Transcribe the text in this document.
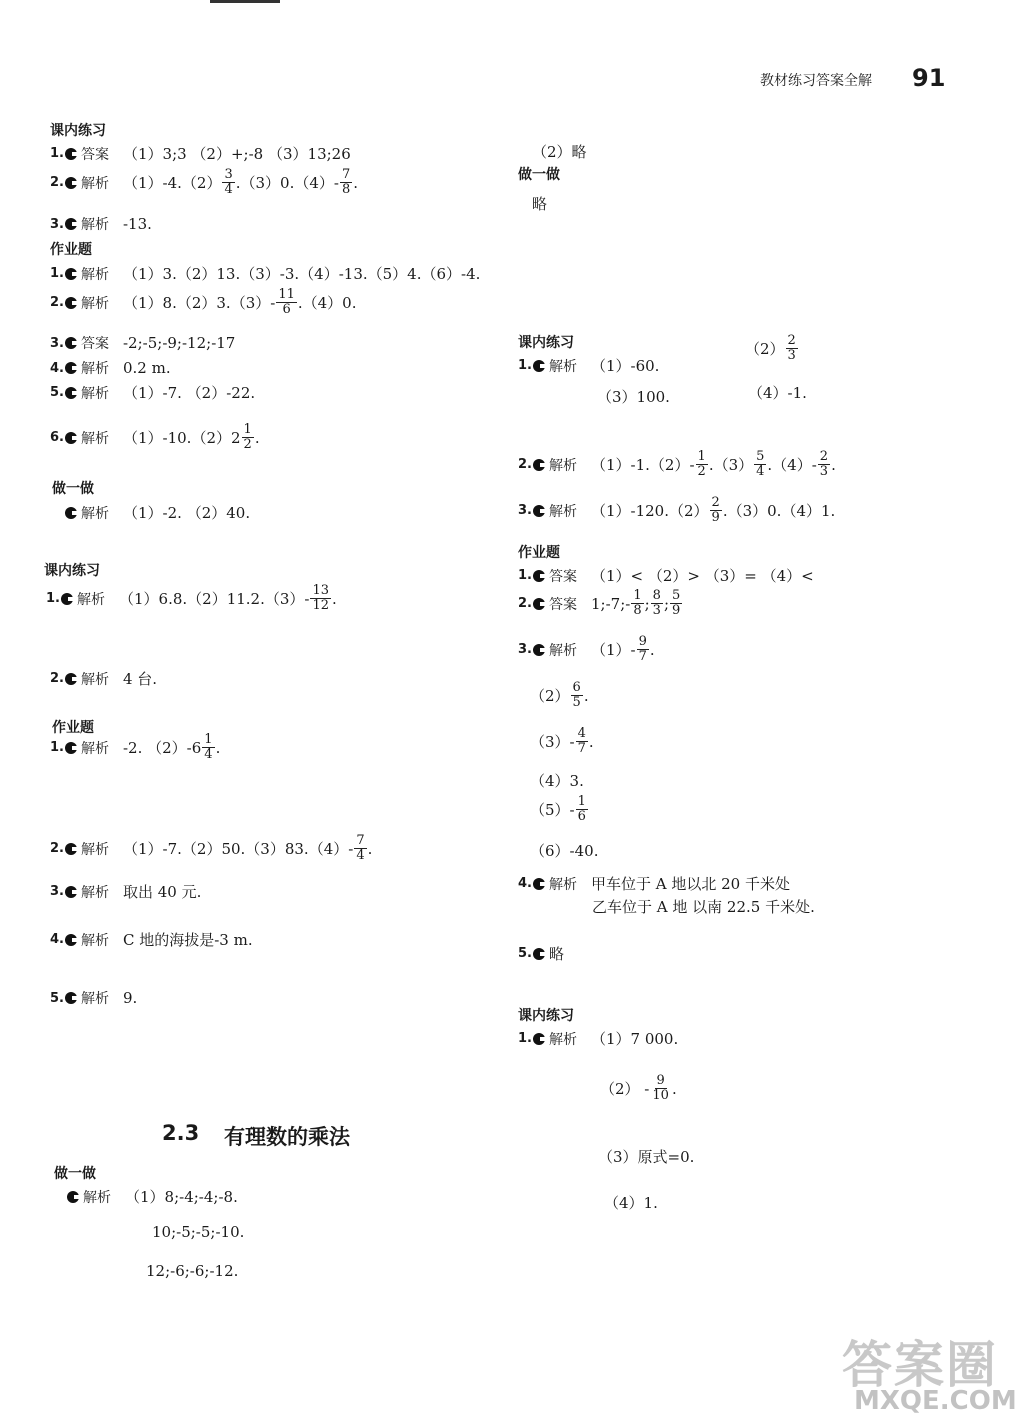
教材练习答案全解 91
课内练习
1. 答案 （1）3;3 （2）+;-8 （3）13;26
2. 解析 $(1)-4.(2) \frac{3}{4} .(3)0.(4)- \frac{7}{8}$ .
3. 解析 -13.
作业题
1. 解析 （1）3.（2）13.（3）-3.（4）-13.（5）4.（6）-4.
2. 解析 $(1)8.(2)3.(3)- \frac{11}{6} .(4)0$.
3. 答案 -2;-5;-9;-12;-17
4. 解析 0.2 m.
5. 解析 （1）-7. （2）-22.
6. 解析 $(1)-10.(2)2 \frac{1}{2}$ .
做一做
解析 （1）-2. （2）40.
课内练习
1. 解析 $(1)6.8.(2)11.2.(3)- \frac{13}{12}$ .
2. 解析 4 台.
作业题
1. 解析 -2. $(2)-6 \frac{1}{4}$ .
2. 解析 $(1)-7.(2)50.(3)83.(4)- \frac{7}{4}$ .
3. 解析 取出 40 元.
4. 解析 C 地的海拔是-3 m.
5. 解析 9.
2.3 有理数的乘法
做一做
解析 （1）8;-4;-4;-8.
10;-5;-5;-10.
12;-6;-6;-12.
（2）略
做一做
略
课内练习
1. 解析 （1）-60.
$(2) \frac{2}{3}$
（3）100.	（4）-1.
2. 解析 $(1)-1.(2)- \frac{1}{2} .(3) \frac{5}{4} .(4)- \frac{2}{3}$ .
3. 解析 $(1)-120.(2) \frac{2}{9} .(3)0.(4)1$.
作业题
1. 答案 （1）< （2）> （3）= （4）<
2. 答案 1;-7;- $\frac{1}{8}$ ; $\frac{8}{3}$ ; $\frac{5}{9}$
3. 解析 $(1)- \frac{9}{7}$ .
$(2) \frac{6}{5}$ .
$(3)- \frac{4}{7}$ .
（4）3.
$(5)- \frac{1}{6}$
（6）-40.
4. 解析 甲车位于 A 地以北 20 千米处
乙车位于 A 地 以南 22.5 千米处.
5. 略
课内练习
1. 解析 （1）7 000.
$(2) - \frac{9}{10}$ .
（3）原式=0.
（4）1.
答案圈
MXQE.COM
